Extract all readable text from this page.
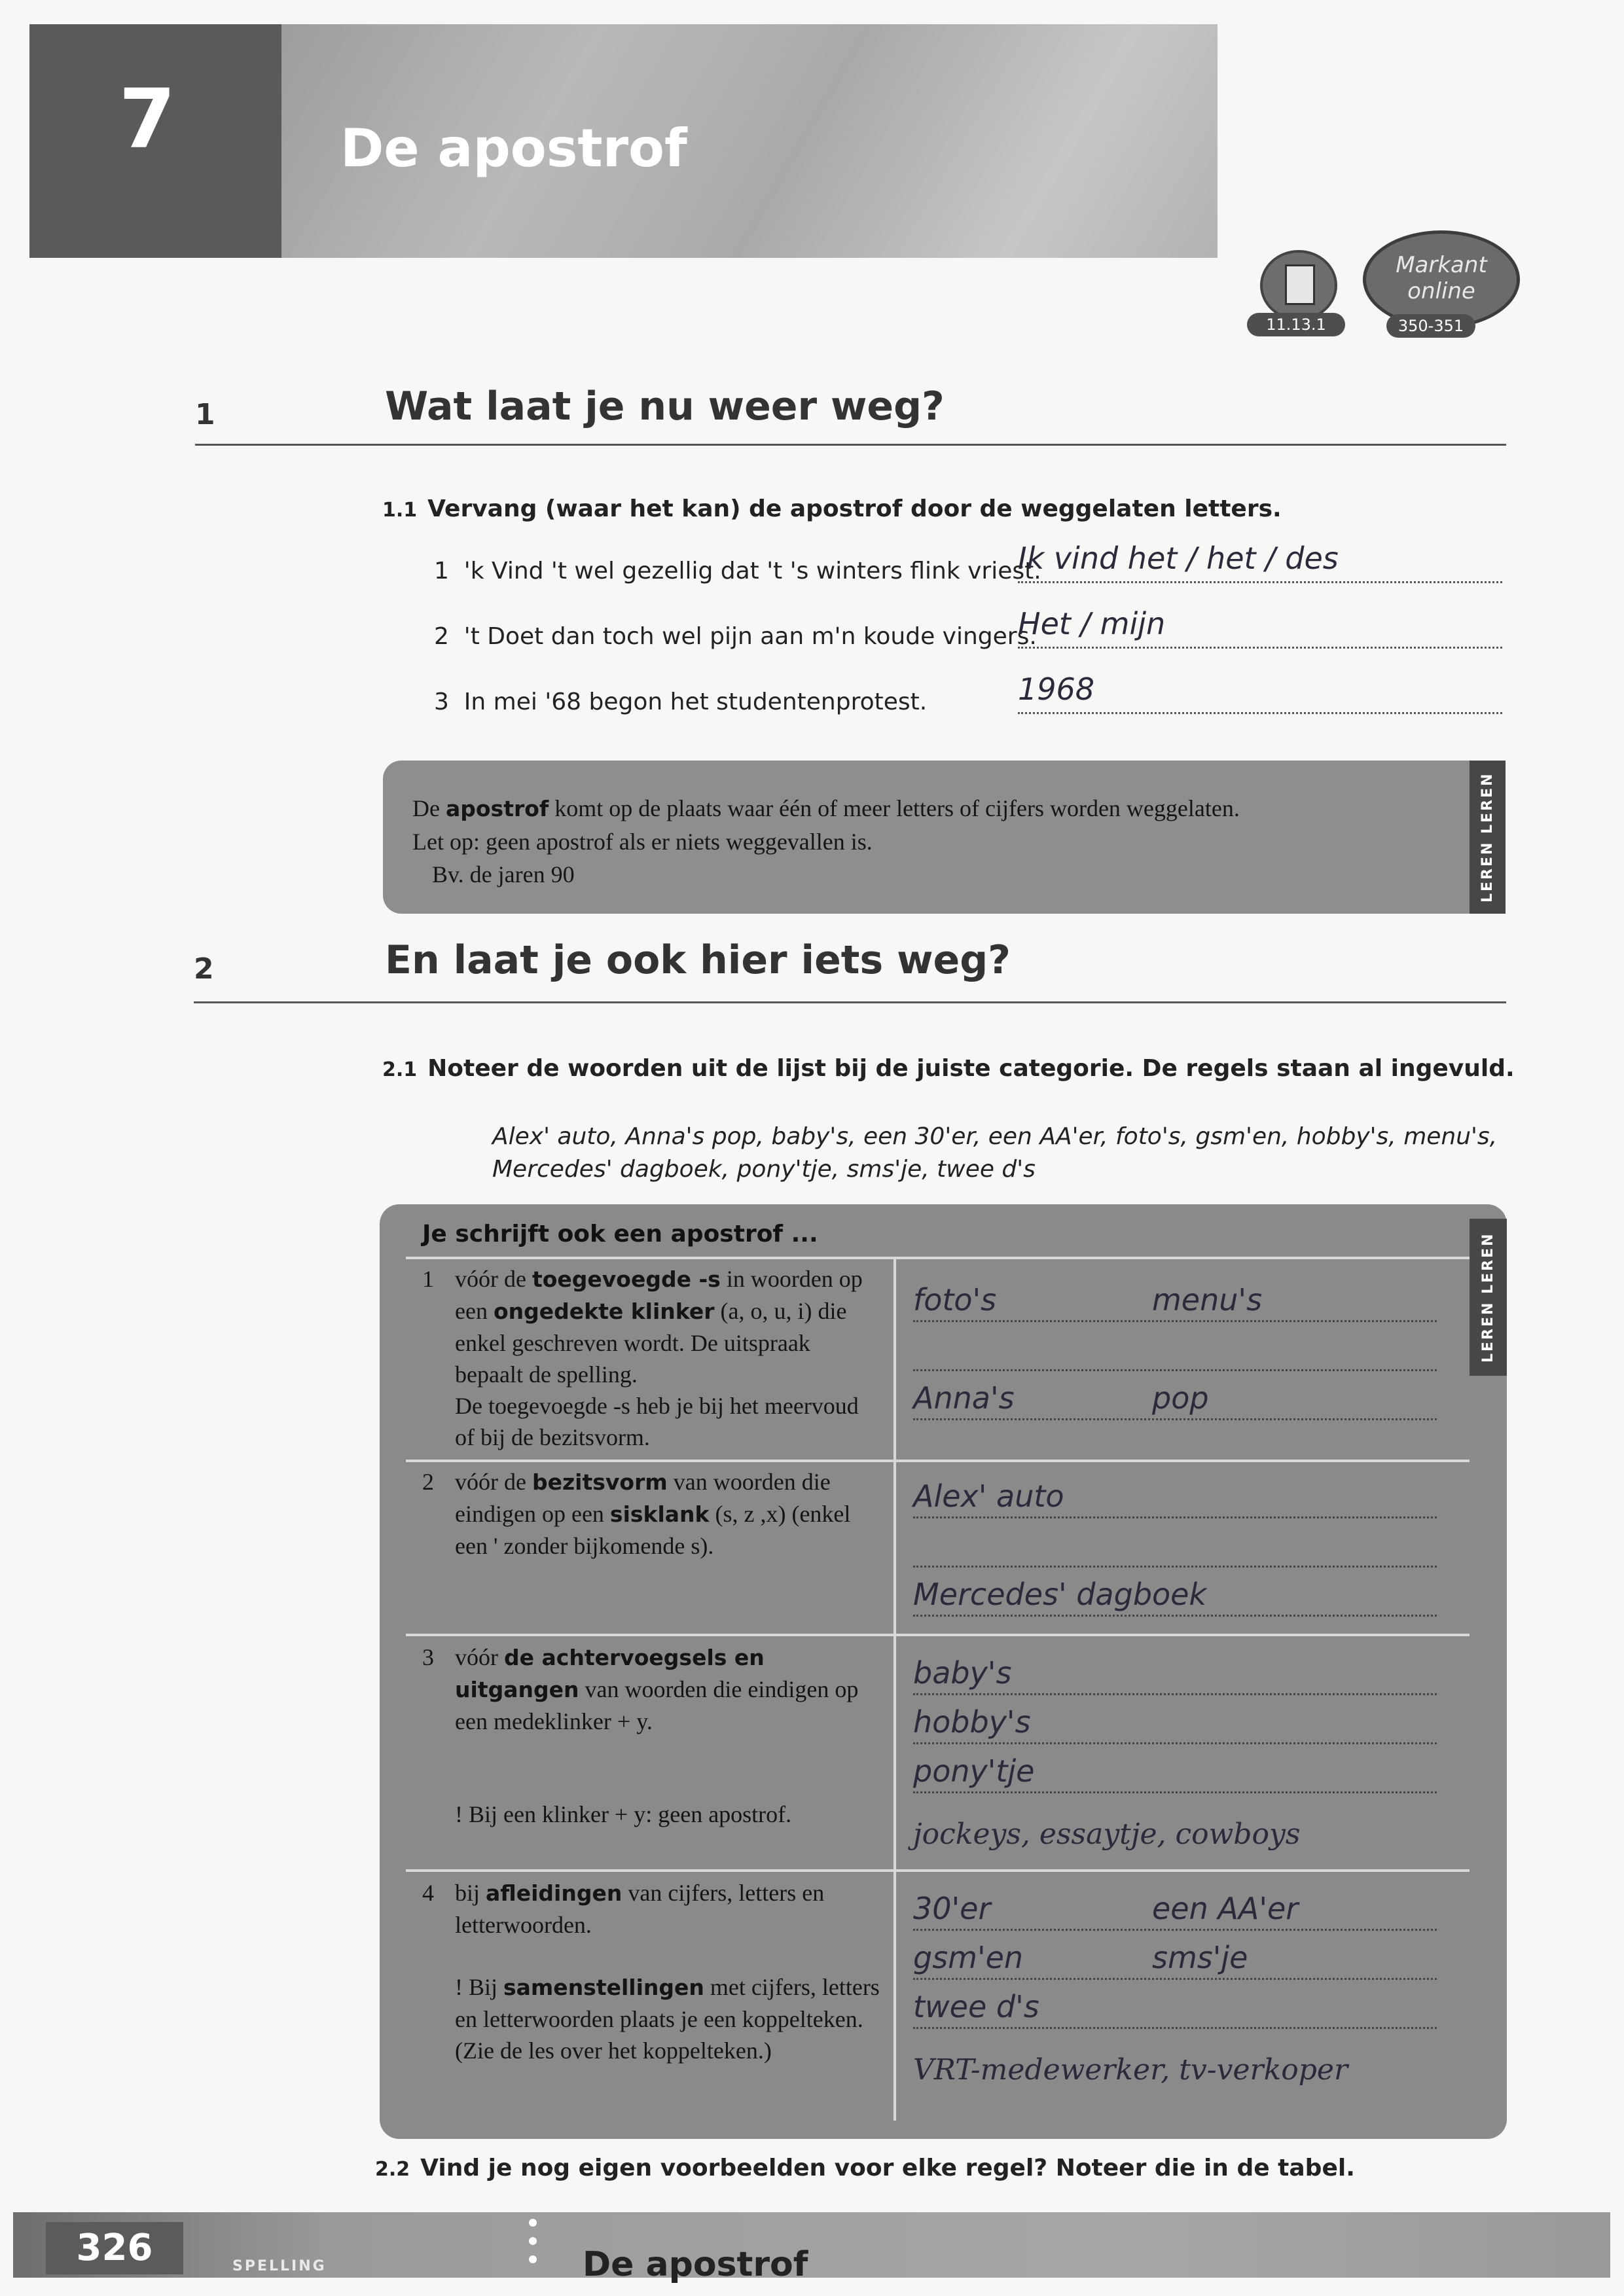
7	De apostrof
11.13.1
Markant
online
350-351
1	Wat laat je nu weer weg?
1.1 Vervang (waar het kan) de apostrof door de weggelaten letters.
1 'k Vind 't wel gezellig dat 't 's winters flink vriest.
Ik vind het / het / des
2 't Doet dan toch wel pijn aan m'n koude vingers.
Het / mijn
3 In mei '68 begon het studentenprotest.	1968
De apostrof komt op de plaats waar één of meer letters of cijfers worden weggelaten.
Let op: geen apostrof als er niets weggevallen is.
Bv. de jaren 90	LEREN LEREN
2	En laat je ook hier iets weg?
2.1 Noteer de woorden uit de lijst bij de juiste categorie. De regels staan al ingevuld.
Alex' auto, Anna's pop, baby's, een 30'er, een AA'er, foto's, gsm'en, hobby's, menu's, Mercedes' dagboek, pony'tje, sms'je, twee d's
Je schrijft ook een apostrof ...	LEREN LEREN
1 vóór de toegevoegde -s in woorden op een ongedekte klinker (a, o, u, i) die enkel geschreven wordt. De uitspraak bepaalt de spelling.
De toegevoegde -s heb je bij het meervoud of bij de bezitsvorm.
foto's	menu's
Anna's	pop
2 vóór de bezitsvorm van woorden die eindigen op een sisklank (s, z ,x) (enkel een ' zonder bijkomende s).
Alex' auto
Mercedes' dagboek
3 vóór de achtervoegsels en uitgangen van woorden die eindigen op een medeklinker + y.
! Bij een klinker + y: geen apostrof.
baby's
hobby's
pony'tje
jockeys, essaytje, cowboys
4 bij afleidingen van cijfers, letters en letterwoorden.
! Bij samenstellingen met cijfers, letters en letterwoorden plaats je een koppelteken. (Zie de les over het koppelteken.)
30'er	een AA'er
gsm'en	sms'je
twee d's
VRT-medewerker, tv-verkoper
2.2 Vind je nog eigen voorbeelden voor elke regel? Noteer die in de tabel.
326	SPELLING	De apostrof
